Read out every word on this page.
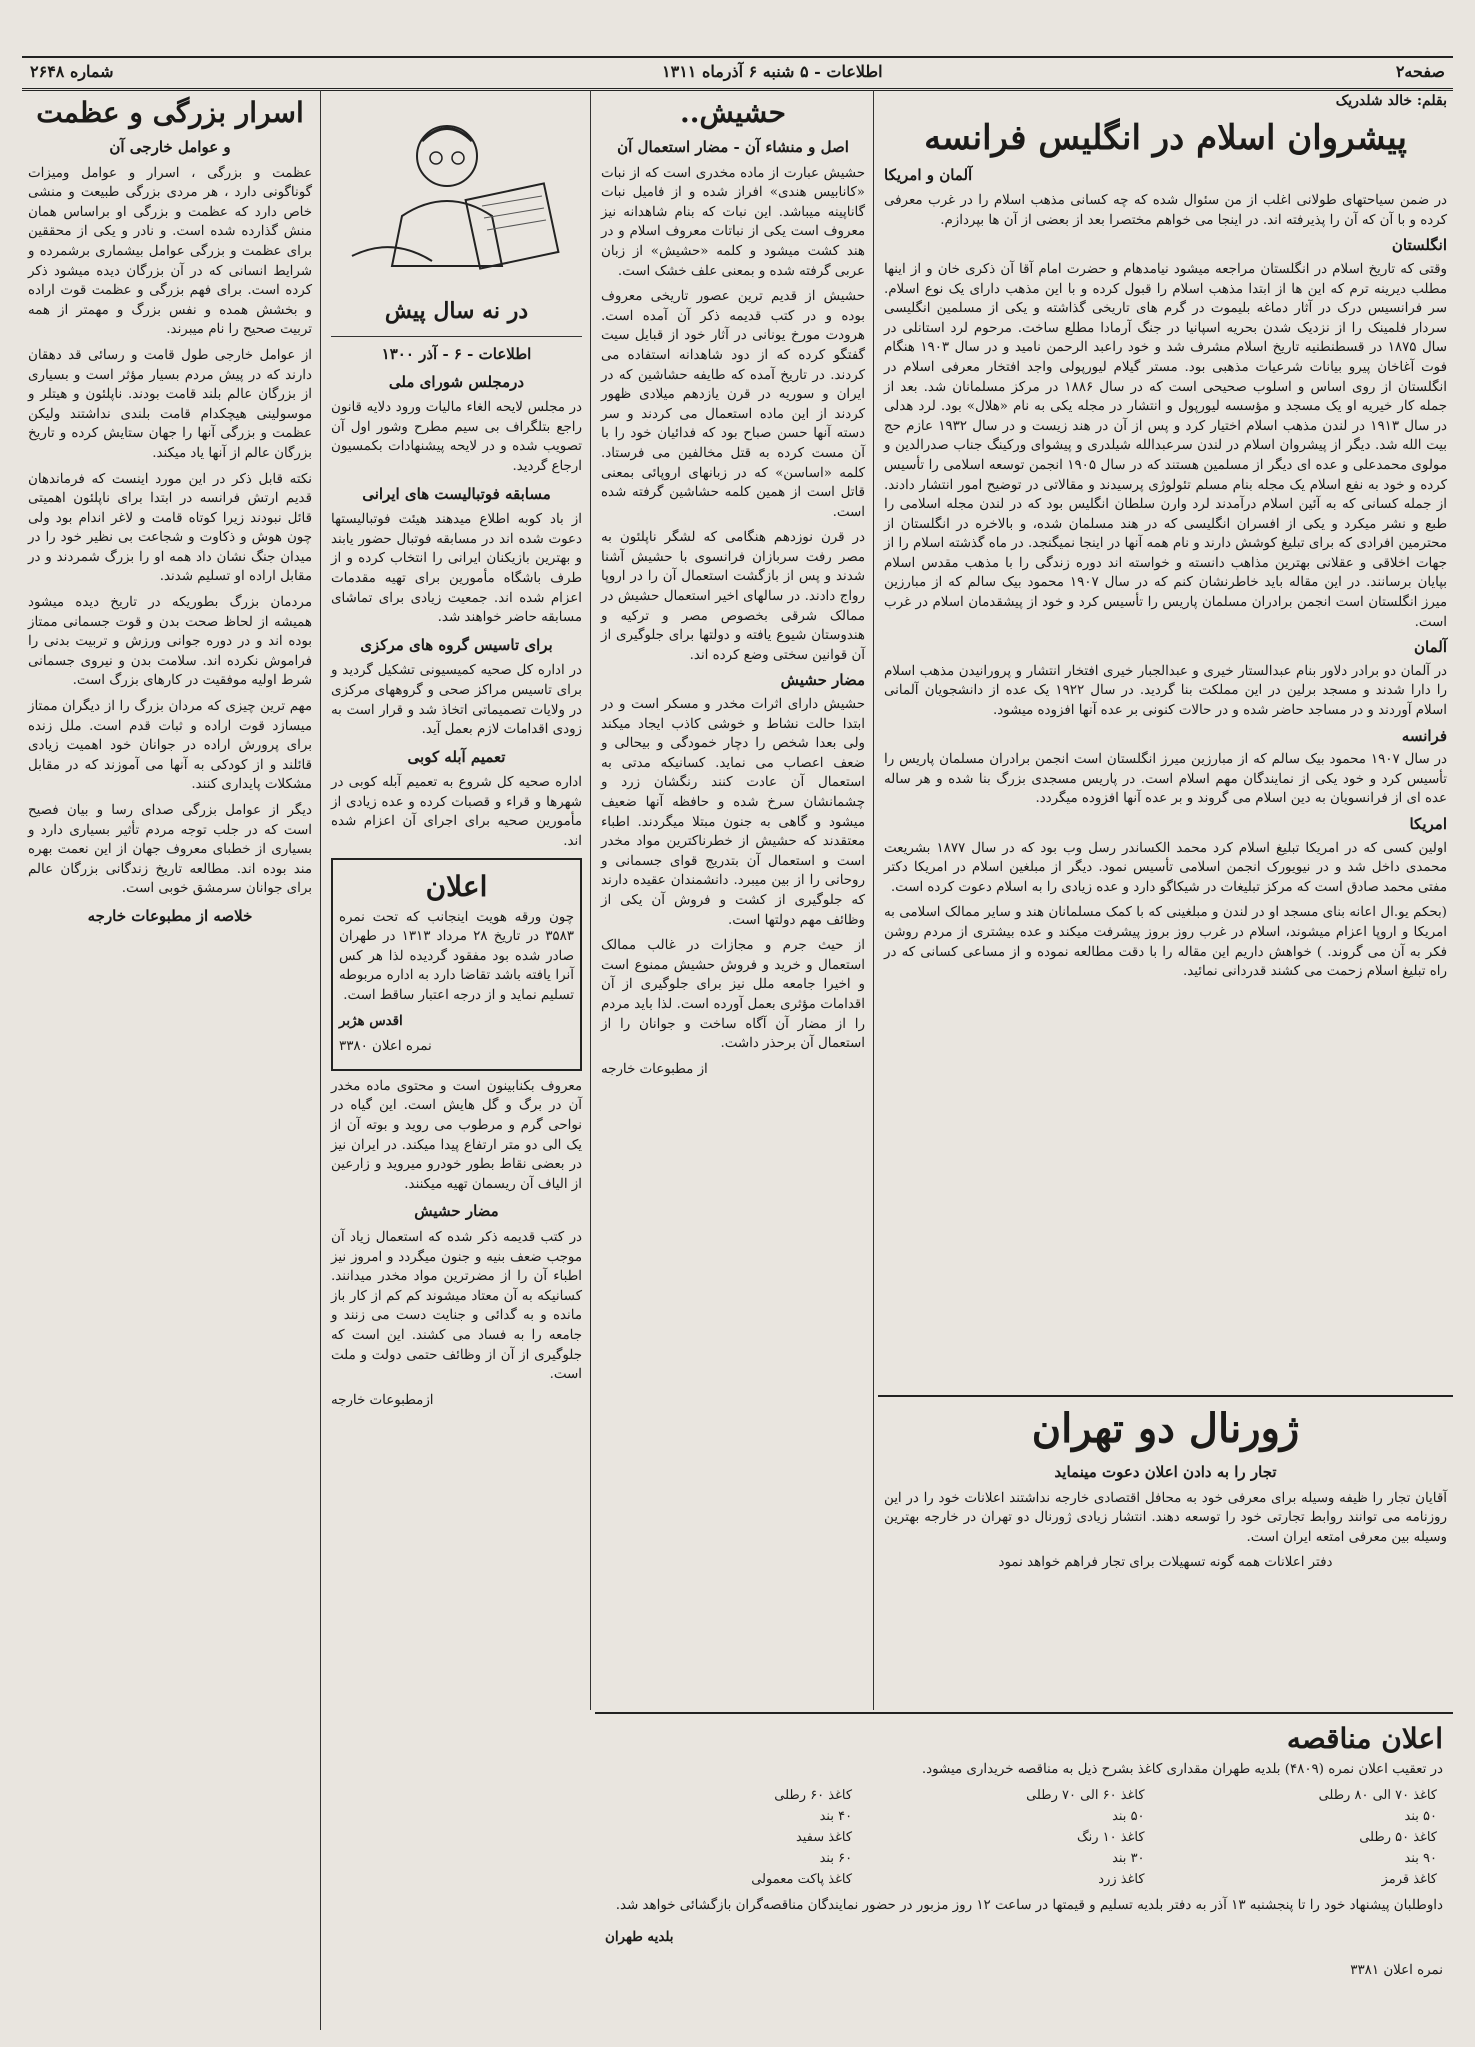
صفحه۲
اطلاعات - ۵ شنبه ۶ آذرماه ۱۳۱۱
شماره ۲۶۴۸
بقلم: خالد شلدریک
پیشروان اسلام در انگلیس فرانسه
آلمان و امریکا

در ضمن سیاحتهای طولانی اغلب از من سئوال شده که چه کسانی مذهب اسلام را در غرب معرفی کرده و با آن که آن را پذیرفته اند. در اینجا می خواهم مختصرا بعد از بعضی از آن ها بپردازم.

انگلستان

وقتی که تاریخ اسلام در انگلستان مراجعه میشود نیامدهام و حضرت امام آقا آن ذکری خان و از اینها مطلب دیرینه ترم که این ها از ابتدا مذهب اسلام را قبول کرده و با این مذهب دارای یک نوع اسلام. سر فرانسیس درک در آثار دماغه بلیموت در گرم های تاریخی گذاشته و یکی از مسلمین انگلیسی سردار فلمینک را از نزدیک شدن بحریه اسپانیا در جنگ آرمادا مطلع ساخت. مرحوم لرد استانلی در سال ۱۸۷۵ در قسطنطنیه تاریخ اسلام مشرف شد و خود راعبد الرحمن نامید و در سال ۱۹۰۳ هنگام فوت آغاخان پیرو بیانات شرعیات مذهبی بود. مستر گیلام لیورپولی واجد افتخار معرفی اسلام در انگلستان از روی اساس و اسلوب صحیحی است که در سال ۱۸۸۶ در مرکز مسلمانان شد. بعد از جمله کار خیریه او یک مسجد و مؤسسه لیورپول و انتشار در مجله یکی به نام «هلال» بود. لرد هدلی در سال ۱۹۱۳ در لندن مذهب اسلام اختیار کرد و پس از آن در هند زیست و در سال ۱۹۳۲ عازم حج بیت الله شد. دیگر از پیشروان اسلام در لندن سرعبدالله شیلدری و پیشوای ورکینگ جناب صدرالدین و مولوی محمدعلی و عده ای دیگر از مسلمین هستند که در سال ۱۹۰۵ انجمن توسعه اسلامی را تأسیس کرده و خود به نفع اسلام یک مجله بنام مسلم تئولوژی پرسیدند و مقالاتی در توضیح امور انتشار دادند. از جمله کسانی که به آئین اسلام درآمدند لرد وارن سلطان انگلیس بود که در لندن مجله اسلامی را طبع و نشر میکرد و یکی از افسران انگلیسی که در هند مسلمان شده، و بالاخره در انگلستان از محترمین افرادی که برای تبلیغ کوشش دارند و نام همه آنها در اینجا نمیگنجد. در ماه گذشته اسلام را از جهات اخلاقی و عقلانی بهترین مذاهب دانسته و خواسته اند دوره زندگی را با مذهب مقدس اسلام بپایان برسانند. در این مقاله باید خاطرنشان کنم که در سال ۱۹۰۷ محمود بیک سالم که از مبارزین میرز انگلستان است انجمن برادران مسلمان پاریس را تأسیس کرد و خود از پیشقدمان اسلام در غرب است.

آلمان

در آلمان دو برادر دلاور بنام عبدالستار خیری و عبدالجبار خیری افتخار انتشار و پرورانیدن مذهب اسلام را دارا شدند و مسجد برلین در این مملکت بنا گردید. در سال ۱۹۲۲ یک عده از دانشجویان آلمانی اسلام آوردند و در مساجد حاضر شده و در حالات کنونی بر عده آنها افزوده میشود.

فرانسه

در سال ۱۹۰۷ محمود بیک سالم که از مبارزین میرز انگلستان است انجمن برادران مسلمان پاریس را تأسیس کرد و خود یکی از نمایندگان مهم اسلام است. در پاریس مسجدی بزرگ بنا شده و هر ساله عده ای از فرانسویان به دین اسلام می گروند و بر عده آنها افزوده میگردد.

امریکا

اولین کسی که در امریکا تبلیغ اسلام کرد محمد الکساندر رسل وب بود که در سال ۱۸۷۷ بشریعت محمدی داخل شد و در نیویورک انجمن اسلامی تأسیس نمود. دیگر از مبلغین اسلام در امریکا دکتر مفتی محمد صادق است که مرکز تبلیغات در شیکاگو دارد و عده زیادی را به اسلام دعوت کرده است.

(بحکم یو.ال اعانه بنای مسجد او در لندن و مبلغینی که با کمک مسلمانان هند و سایر ممالک اسلامی به امریکا و اروپا اعزام میشوند، اسلام در غرب روز بروز پیشرفت میکند و عده بیشتری از مردم روشن فکر به آن می گروند. ) خواهش داریم این مقاله را با دقت مطالعه نموده و از مساعی کسانی که در راه تبلیغ اسلام زحمت می کشند قدردانی نمائید.

حشیش..
اصل و منشاء آن - مضار استعمال آن

حشیش عبارت از ماده مخدری است که از نبات «کانابیس هندی» افراز شده و از فامیل نبات گاناپینه میباشد. این نبات که بنام شاهدانه نیز معروف است یکی از نباتات معروف اسلام و در هند کشت میشود و کلمه «حشیش» از زبان عربی گرفته شده و بمعنی علف خشک است.

حشیش از قدیم ترین عصور تاریخی معروف بوده و در کتب قدیمه ذکر آن آمده است. هرودت مورخ یونانی در آثار خود از قبایل سیت گفتگو کرده که از دود شاهدانه استفاده می کردند. در تاریخ آمده که طایفه حشاشین که در ایران و سوریه در قرن یازدهم میلادی ظهور کردند از این ماده استعمال می کردند و سر دسته آنها حسن صباح بود که فدائیان خود را با آن مست کرده به قتل مخالفین می فرستاد. کلمه «اساسن» که در زبانهای اروپائی بمعنی قاتل است از همین کلمه حشاشین گرفته شده است.

در قرن نوزدهم هنگامی که لشگر ناپلئون به مصر رفت سربازان فرانسوی با حشیش آشنا شدند و پس از بازگشت استعمال آن را در اروپا رواج دادند. در سالهای اخیر استعمال حشیش در ممالک شرقی بخصوص مصر و ترکیه و هندوستان شیوع یافته و دولتها برای جلوگیری از آن قوانین سختی وضع کرده اند.

مضار حشیش

حشیش دارای اثرات مخدر و مسکر است و در ابتدا حالت نشاط و خوشی کاذب ایجاد میکند ولی بعدا شخص را دچار خمودگی و بیحالی و ضعف اعصاب می نماید. کسانیکه مدتی به استعمال آن عادت کنند رنگشان زرد و چشمانشان سرخ شده و حافظه آنها ضعیف میشود و گاهی به جنون مبتلا میگردند. اطباء معتقدند که حشیش از خطرناکترین مواد مخدر است و استعمال آن بتدریج قوای جسمانی و روحانی را از بین میبرد. دانشمندان عقیده دارند که جلوگیری از کشت و فروش آن یکی از وظائف مهم دولتها است.

از حیث جرم و مجازات در غالب ممالک استعمال و خرید و فروش حشیش ممنوع است و اخیرا جامعه ملل نیز برای جلوگیری از آن اقدامات مؤثری بعمل آورده است. لذا باید مردم را از مضار آن آگاه ساخت و جوانان را از استعمال آن برحذر داشت.

از مطبوعات خارجه

در نه سال پیش
اطلاعات - ۶ - آذر ۱۳۰۰
درمجلس شورای ملی

در مجلس لایحه الغاء مالیات ورود دلایه قانون راجع بتلگراف بی سیم مطرح وشور اول آن تصویب شده و در لایحه پیشنهادات بکمسیون ارجاع گردید.

مسابقه فوتبالیست های ایرانی

از باد کوبه اطلاع میدهند هیئت فوتبالیستها دعوت شده اند در مسابقه فوتبال حضور یابند و بهترین بازیکنان ایرانی را انتخاب کرده و از طرف باشگاه مأمورین برای تهیه مقدمات اعزام شده اند. جمعیت زیادی برای تماشای مسابقه حاضر خواهند شد.

برای تاسیس گروه های مرکزی

در اداره کل صحیه کمیسیونی تشکیل گردید و برای تاسیس مراکز صحی و گروههای مرکزی در ولایات تصمیماتی اتخاذ شد و قرار است به زودی اقدامات لازم بعمل آید.

تعمیم آبله کوبی

اداره صحیه کل شروع به تعمیم آبله کوبی در شهرها و قراء و قصبات کرده و عده زیادی از مأمورین صحیه برای اجرای آن اعزام شده اند.

اعلان

چون ورقه هویت اینجانب که تحت نمره ۳۵۸۳ در تاریخ ۲۸ مرداد ۱۳۱۳ در طهران صادر شده بود مفقود گردیده لذا هر کس آنرا یافته باشد تقاضا دارد به اداره مربوطه تسلیم نماید و از درجه اعتبار ساقط است.

اقدس هژبر

نمره اعلان ۳۳۸۰

معروف بکنابینون است و محتوی ماده مخدر آن در برگ و گل هایش است. این گیاه در نواحی گرم و مرطوب می روید و بوته آن از یک الی دو متر ارتفاع پیدا میکند. در ایران نیز در بعضی نقاط بطور خودرو میروید و زارعین از الیاف آن ریسمان تهیه میکنند.

مضار حشیش

در کتب قدیمه ذکر شده که استعمال زیاد آن موجب ضعف بنیه و جنون میگردد و امروز نیز اطباء آن را از مضرترین مواد مخدر میدانند. کسانیکه به آن معتاد میشوند کم کم از کار باز مانده و به گدائی و جنایت دست می زنند و جامعه را به فساد می کشند. این است که جلوگیری از آن از وظائف حتمی دولت و ملت است.

ازمطبوعات خارجه

اسرار بزرگی و عظمت
و عوامل خارجی آن

عظمت و بزرگی ، اسرار و عوامل ومیزات گوناگونی دارد ، هر مردی بزرگی طبیعت و منشی خاص دارد که عظمت و بزرگی او براساس همان منش گذارده شده است. و نادر و یکی از محققین برای عظمت و بزرگی عوامل بیشماری برشمرده و شرایط انسانی که در آن بزرگان دیده میشود ذکر کرده است. برای فهم بزرگی و عظمت قوت اراده و بخشش همده و نفس بزرگ و مهمتر از همه تربیت صحیح را نام میبرند.

از عوامل خارجی طول قامت و رسائی قد دهقان دارند که در پیش مردم بسیار مؤثر است و بسیاری از بزرگان عالم بلند قامت بودند. ناپلئون و هیتلر و موسولینی هیچکدام قامت بلندی نداشتند ولیکن عظمت و بزرگی آنها را جهان ستایش کرده و تاریخ بزرگان عالم از آنها یاد میکند.

نکته قابل ذکر در این مورد اینست که فرماندهان قدیم ارتش فرانسه در ابتدا برای ناپلئون اهمیتی قائل نبودند زیرا کوتاه قامت و لاغر اندام بود ولی چون هوش و ذکاوت و شجاعت بی نظیر خود را در میدان جنگ نشان داد همه او را بزرگ شمردند و در مقابل اراده او تسلیم شدند.

مردمان بزرگ بطوریکه در تاریخ دیده میشود همیشه از لحاظ صحت بدن و قوت جسمانی ممتاز بوده اند و در دوره جوانی ورزش و تربیت بدنی را فراموش نکرده اند. سلامت بدن و نیروی جسمانی شرط اولیه موفقیت در کارهای بزرگ است.

مهم ترین چیزی که مردان بزرگ را از دیگران ممتاز میسازد قوت اراده و ثبات قدم است. ملل زنده برای پرورش اراده در جوانان خود اهمیت زیادی قائلند و از کودکی به آنها می آموزند که در مقابل مشکلات پایداری کنند.

دیگر از عوامل بزرگی صدای رسا و بیان فصیح است که در جلب توجه مردم تأثیر بسیاری دارد و بسیاری از خطبای معروف جهان از این نعمت بهره مند بوده اند. مطالعه تاریخ زندگانی بزرگان عالم برای جوانان سرمشق خوبی است.

خلاصه از مطبوعات خارجه
ژورنال دو تهران
تجار را به دادن اعلان دعوت مینماید

آقایان تجار را ظیفه وسیله برای معرفی خود به محافل اقتصادی خارجه نداشتند اعلانات خود را در این روزنامه می توانند روابط تجارتی خود را توسعه دهند. انتشار زیادی ژورنال دو تهران در خارجه بهترین وسیله بین معرفی امتعه ایران است.

دفتر اعلانات همه گونه تسهیلات برای تجار فراهم خواهد نمود

اعلان مناقصه

در تعقیب اعلان نمره (۴۸۰۹) بلدیه طهران مقداری کاغذ بشرح ذیل به مناقصه خریداری میشود.

کاغذ ۷۰ الی ۸۰ رطلی	کاغذ ۶۰ الی ۷۰ رطلی	کاغذ ۶۰ رطلی
۵۰ بند	۵۰ بند	۴۰ بند
کاغذ ۵۰ رطلی	کاغذ ۱۰ رنگ	کاغذ سفید
۹۰ بند	۳۰ بند	۶۰ بند
کاغذ قرمز	کاغذ زرد	کاغذ پاکت معمولی

داوطلبان پیشنهاد خود را تا پنجشنبه ۱۳ آذر به دفتر بلدیه تسلیم و قیمتها در ساعت ۱۲ روز مزبور در حضور نمایندگان مناقصه‌گران بازگشائی خواهد شد.

بلدیه طهران

نمره اعلان ۳۳۸۱
